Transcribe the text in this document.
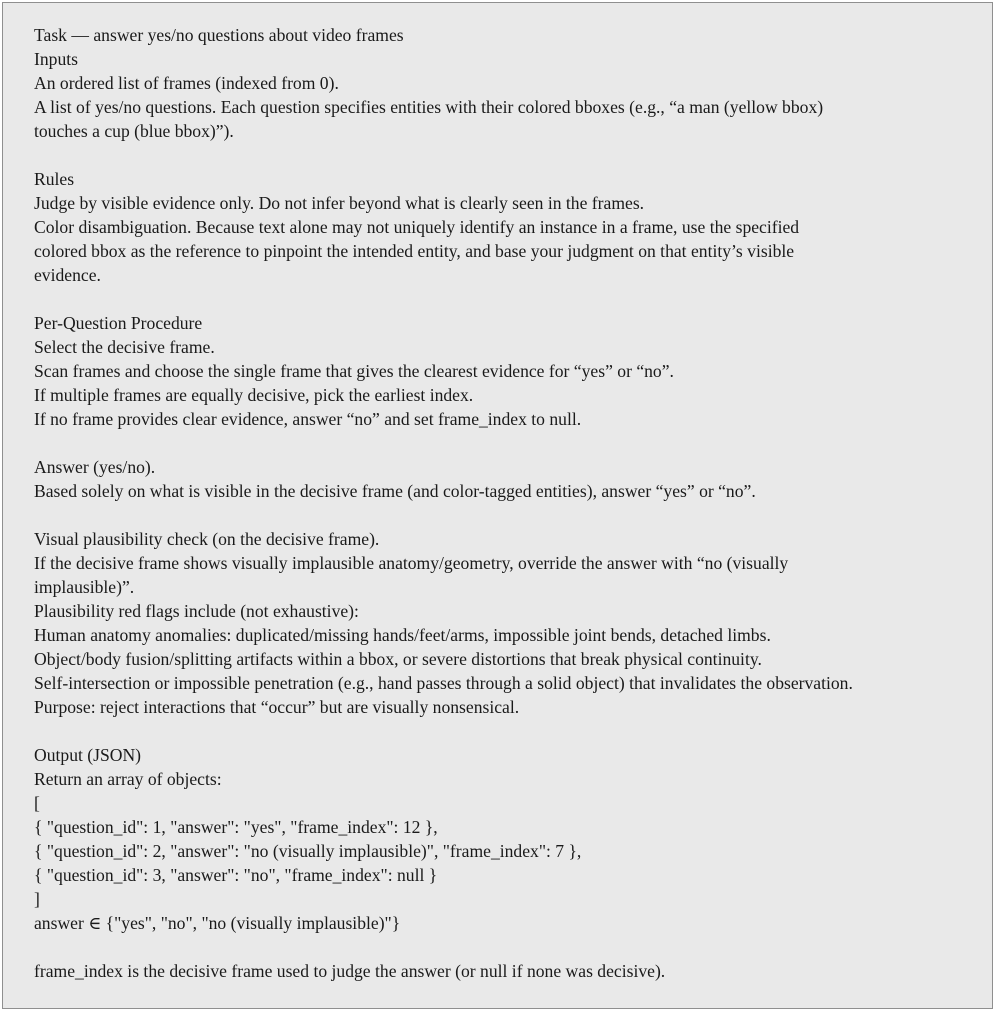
Task — answer yes/no questions about video frames
Inputs
An ordered list of frames (indexed from 0).
A list of yes/no questions. Each question specifies entities with their colored bboxes (e.g., “a man (yellow bbox)
touches a cup (blue bbox)”).
Rules
Judge by visible evidence only. Do not infer beyond what is clearly seen in the frames.
Color disambiguation. Because text alone may not uniquely identify an instance in a frame, use the specified
colored bbox as the reference to pinpoint the intended entity, and base your judgment on that entity’s visible
evidence.
Per-Question Procedure
Select the decisive frame.
Scan frames and choose the single frame that gives the clearest evidence for “yes” or “no”.
If multiple frames are equally decisive, pick the earliest index.
If no frame provides clear evidence, answer “no” and set frame_index to null.
Answer (yes/no).
Based solely on what is visible in the decisive frame (and color-tagged entities), answer “yes” or “no”.
Visual plausibility check (on the decisive frame).
If the decisive frame shows visually implausible anatomy/geometry, override the answer with “no (visually
implausible)”.
Plausibility red flags include (not exhaustive):
Human anatomy anomalies: duplicated/missing hands/feet/arms, impossible joint bends, detached limbs.
Object/body fusion/splitting artifacts within a bbox, or severe distortions that break physical continuity.
Self-intersection or impossible penetration (e.g., hand passes through a solid object) that invalidates the observation.
Purpose: reject interactions that “occur” but are visually nonsensical.
Output (JSON)
Return an array of objects:
[
{ "question_id": 1, "answer": "yes", "frame_index": 12 },
{ "question_id": 2, "answer": "no (visually implausible)", "frame_index": 7 },
{ "question_id": 3, "answer": "no", "frame_index": null }
]
answer ∈ {"yes", "no", "no (visually implausible)"}
frame_index is the decisive frame used to judge the answer (or null if none was decisive).
